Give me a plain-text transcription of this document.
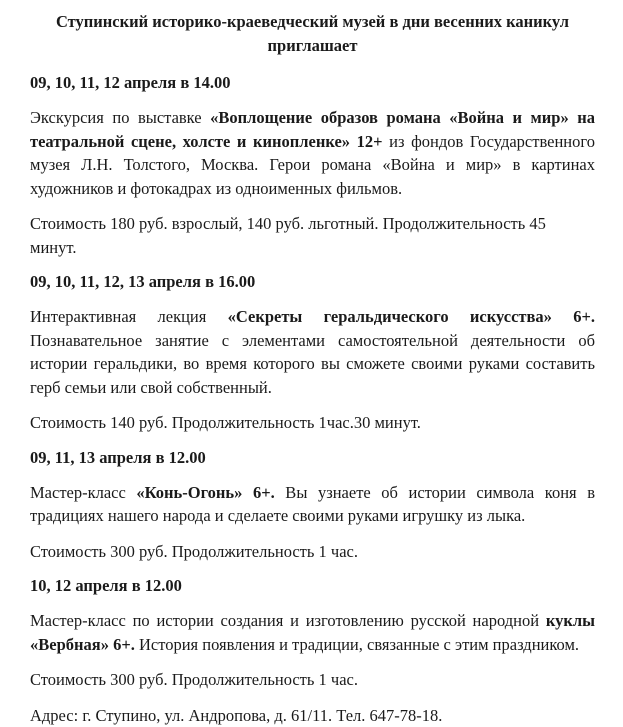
Ступинский историко-краеведческий музей в дни весенних каникул приглашает
09, 10, 11, 12 апреля в 14.00
Экскурсия по выставке «Воплощение образов романа «Война и мир» на театральной сцене, холсте и кинопленке» 12+ из фондов Государственного музея Л.Н. Толстого, Москва. Герои романа «Война и мир» в картинах художников и фотокадрах из одноименных фильмов.
Стоимость 180 руб. взрослый, 140 руб. льготный. Продолжительность 45 минут.
09, 10, 11, 12, 13 апреля в 16.00
Интерактивная лекция «Секреты геральдического искусства» 6+. Познавательное занятие с элементами самостоятельной деятельности об истории геральдики, во время которого вы сможете своими руками составить герб семьи или свой собственный.
Стоимость 140 руб. Продолжительность 1час.30 минут.
09, 11, 13 апреля в 12.00
Мастер-класс «Конь-Огонь» 6+. Вы узнаете об истории символа коня в традициях нашего народа и сделаете своими руками игрушку из лыка.
Стоимость 300 руб. Продолжительность 1 час.
10, 12 апреля в 12.00
Мастер-класс по истории создания и изготовлению русской народной куклы «Вербная» 6+. История появления и традиции, связанные с этим праздником.
Стоимость 300 руб. Продолжительность 1 час.
Адрес: г. Ступино, ул. Андропова, д. 61/11. Тел. 647-78-18.
